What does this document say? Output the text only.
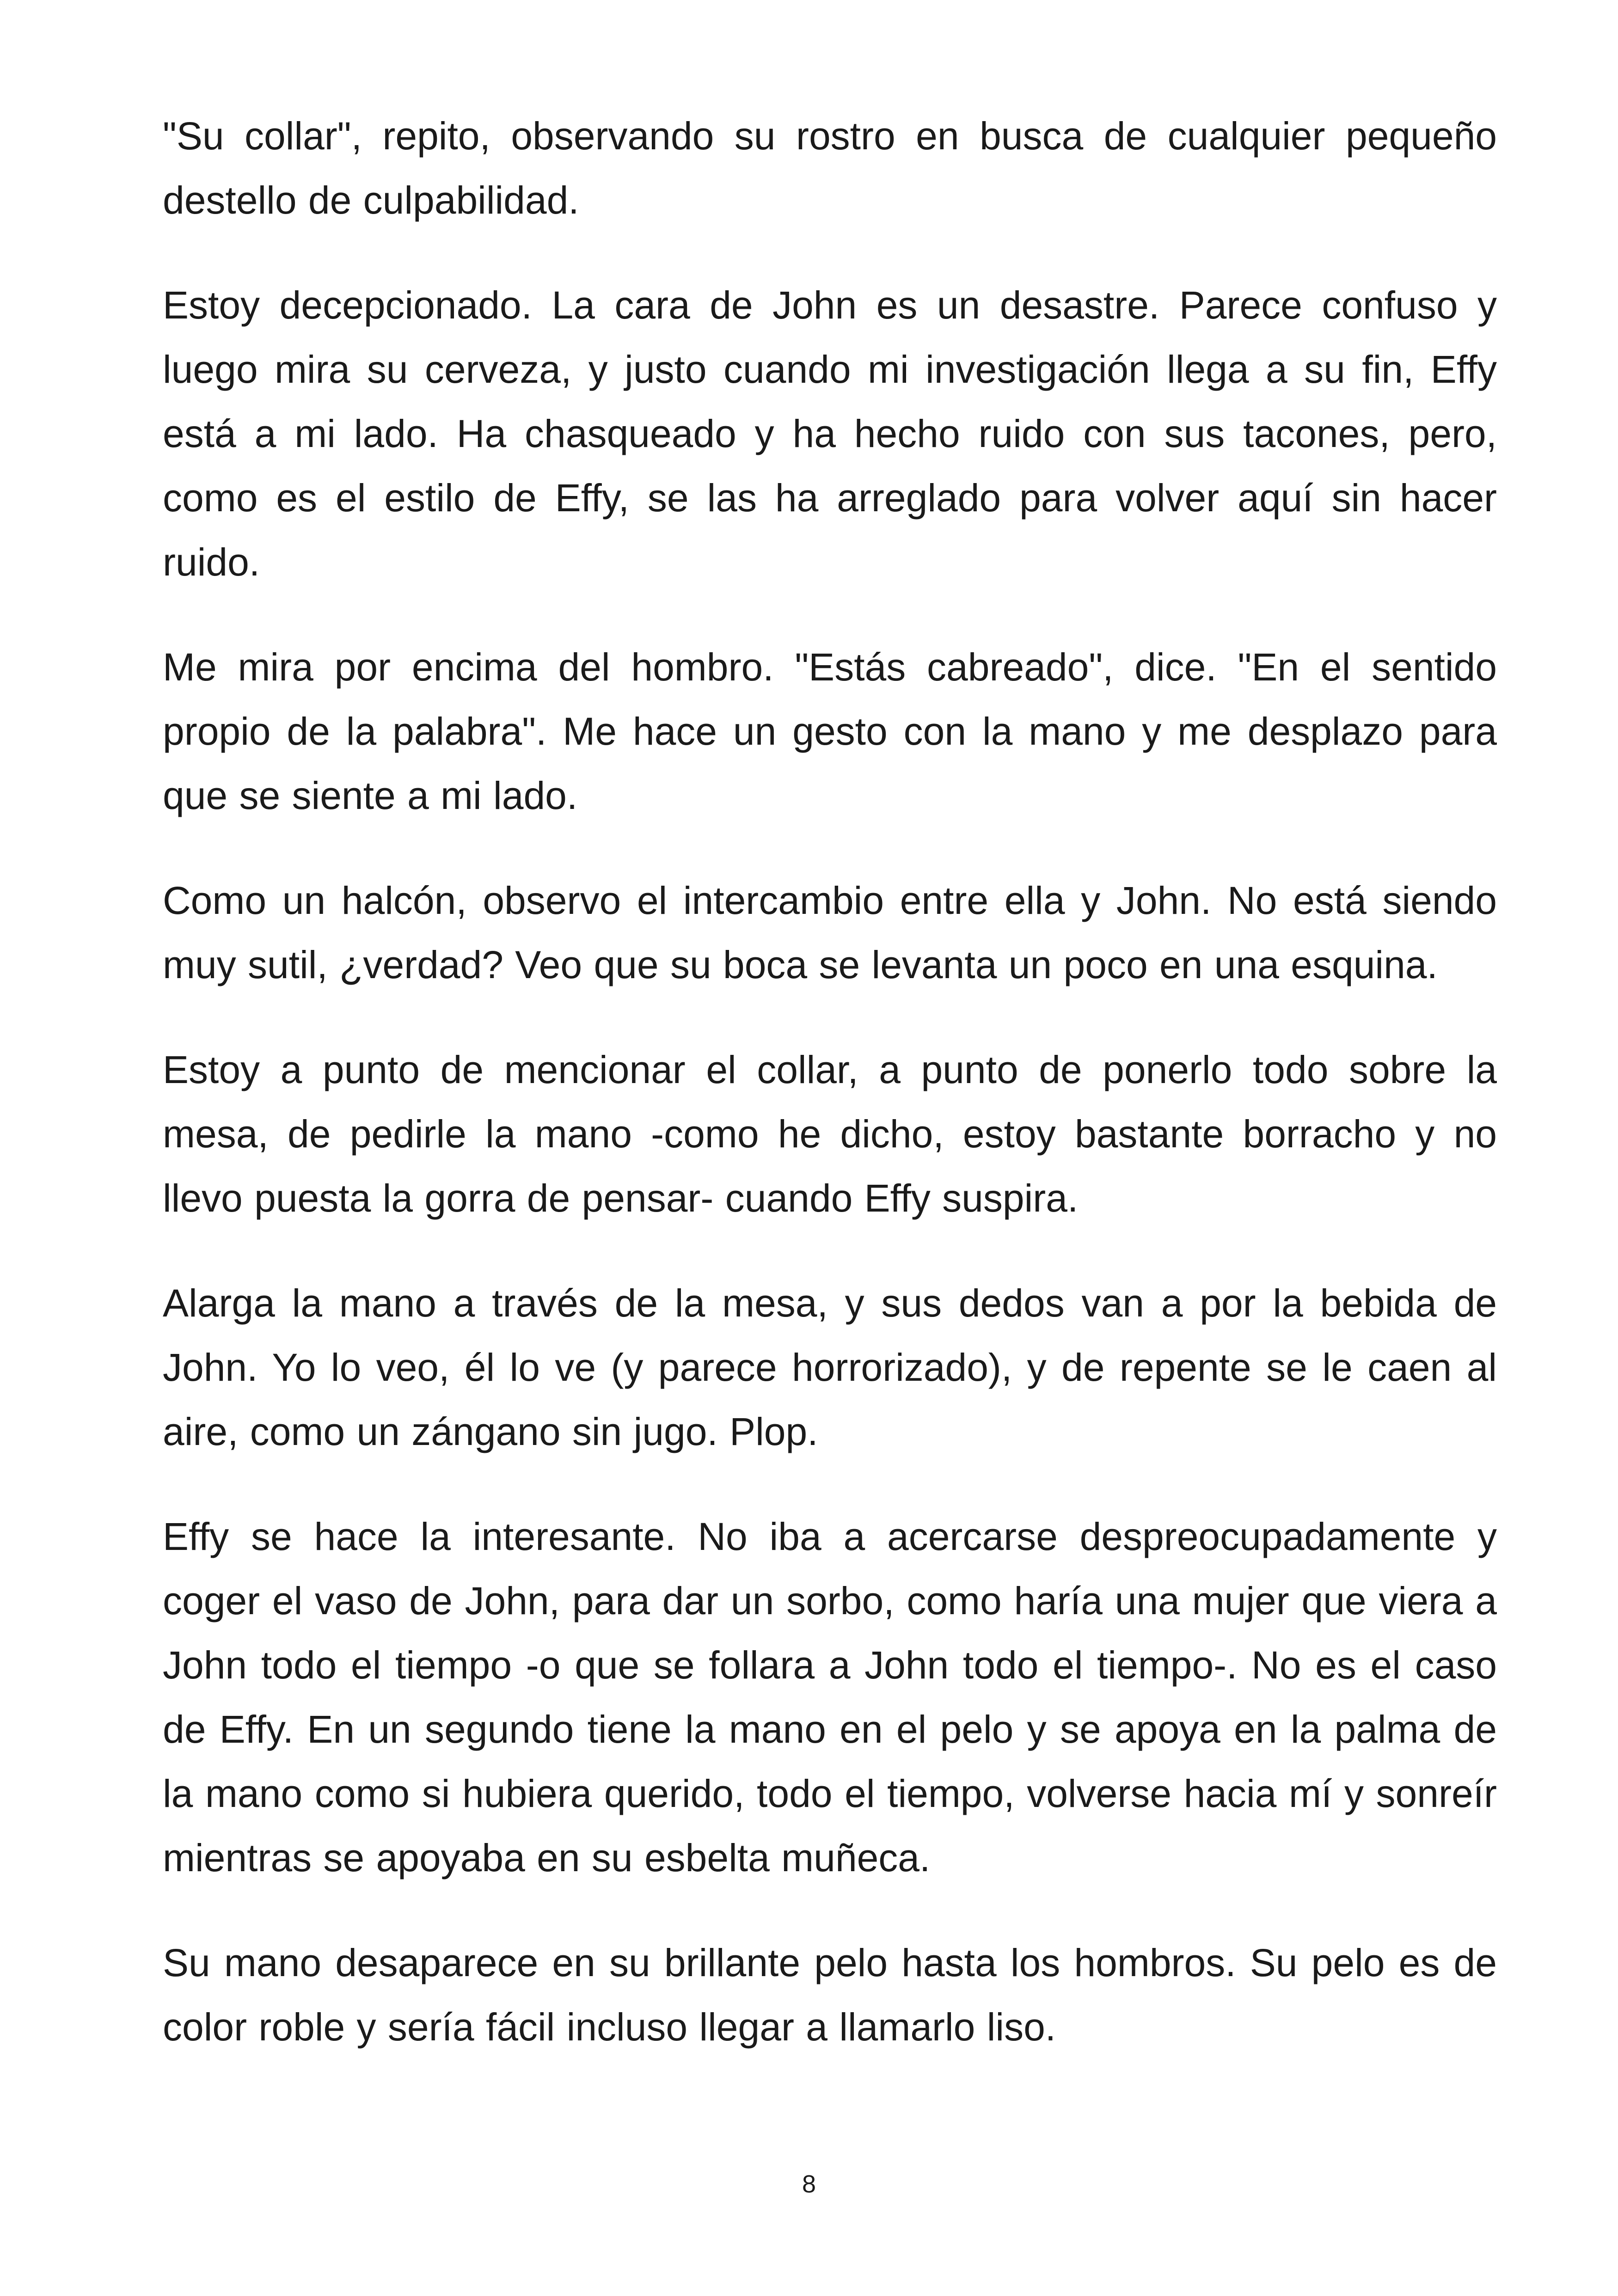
"Su collar", repito, observando su rostro en busca de cualquier pequeño destello de culpabilidad.

Estoy decepcionado. La cara de John es un desastre. Parece confuso y luego mira su cerveza, y justo cuando mi investigación llega a su fin, Effy está a mi lado. Ha chasqueado y ha hecho ruido con sus tacones, pero, como es el estilo de Effy, se las ha arreglado para volver aquí sin hacer ruido.

Me mira por encima del hombro. "Estás cabreado", dice. "En el sentido propio de la palabra". Me hace un gesto con la mano y me desplazo para que se siente a mi lado.

Como un halcón, observo el intercambio entre ella y John. No está siendo muy sutil, ¿verdad? Veo que su boca se levanta un poco en una esquina.

Estoy a punto de mencionar el collar, a punto de ponerlo todo sobre la mesa, de pedirle la mano -como he dicho, estoy bastante borracho y no llevo puesta la gorra de pensar- cuando Effy suspira.

Alarga la mano a través de la mesa, y sus dedos van a por la bebida de John. Yo lo veo, él lo ve (y parece horrorizado), y de repente se le caen al aire, como un zángano sin jugo. Plop.

Effy se hace la interesante. No iba a acercarse despreocupadamente y coger el vaso de John, para dar un sorbo, como haría una mujer que viera a John todo el tiempo -o que se follara a John todo el tiempo-. No es el caso de Effy. En un segundo tiene la mano en el pelo y se apoya en la palma de la mano como si hubiera querido, todo el tiempo, volverse hacia mí y sonreír mientras se apoyaba en su esbelta muñeca.

Su mano desaparece en su brillante pelo hasta los hombros. Su pelo es de color roble y sería fácil incluso llegar a llamarlo liso.

8
